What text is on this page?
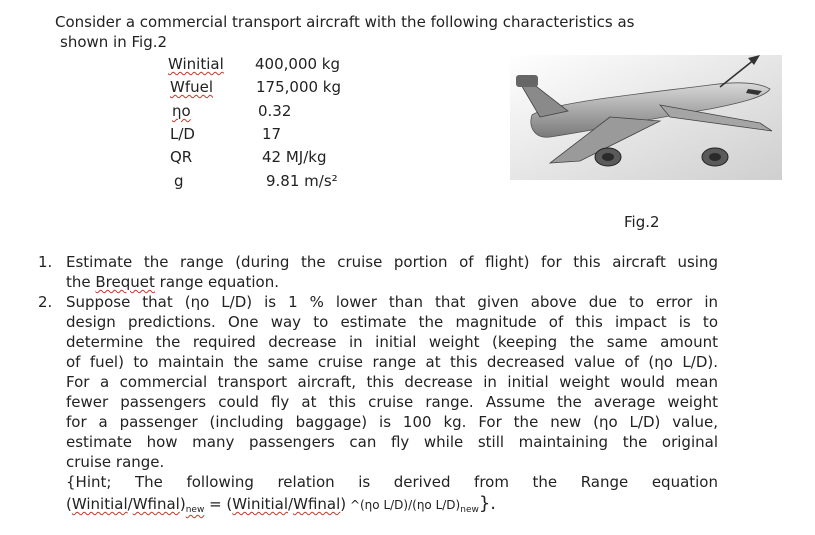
Consider a commercial transport aircraft with the following characteristics as
shown in Fig.2
Winitial 400,000 kg
Wfuel	175,000 kg
ηo	0.32
L/D	17
QR	42 MJ/kg
g	9.81 m/s²
Fig.2
1. Estimate the range (during the cruise portion of flight) for this aircraft using
the Brequet range equation.
2. Suppose that (ηo L/D) is 1 % lower than that given above due to error in
design predictions. One way to estimate the magnitude of this impact is to
determine the required decrease in initial weight (keeping the same amount
of fuel) to maintain the same cruise range at this decreased value of (ηo L/D).
For a commercial transport aircraft, this decrease in initial weight would mean
fewer passengers could fly at this cruise range. Assume the average weight
for a passenger (including baggage) is 100 kg. For the new (ηo L/D) value,
estimate how many passengers can fly while still maintaining the original
cruise range.
{Hint; The following relation is derived from the Range equation
$(Winitial/Wfinal)_{new}$ = (Winitial/Wfinal) ^(ηo L/D)/(ηo $L/D)_{new}$}.
